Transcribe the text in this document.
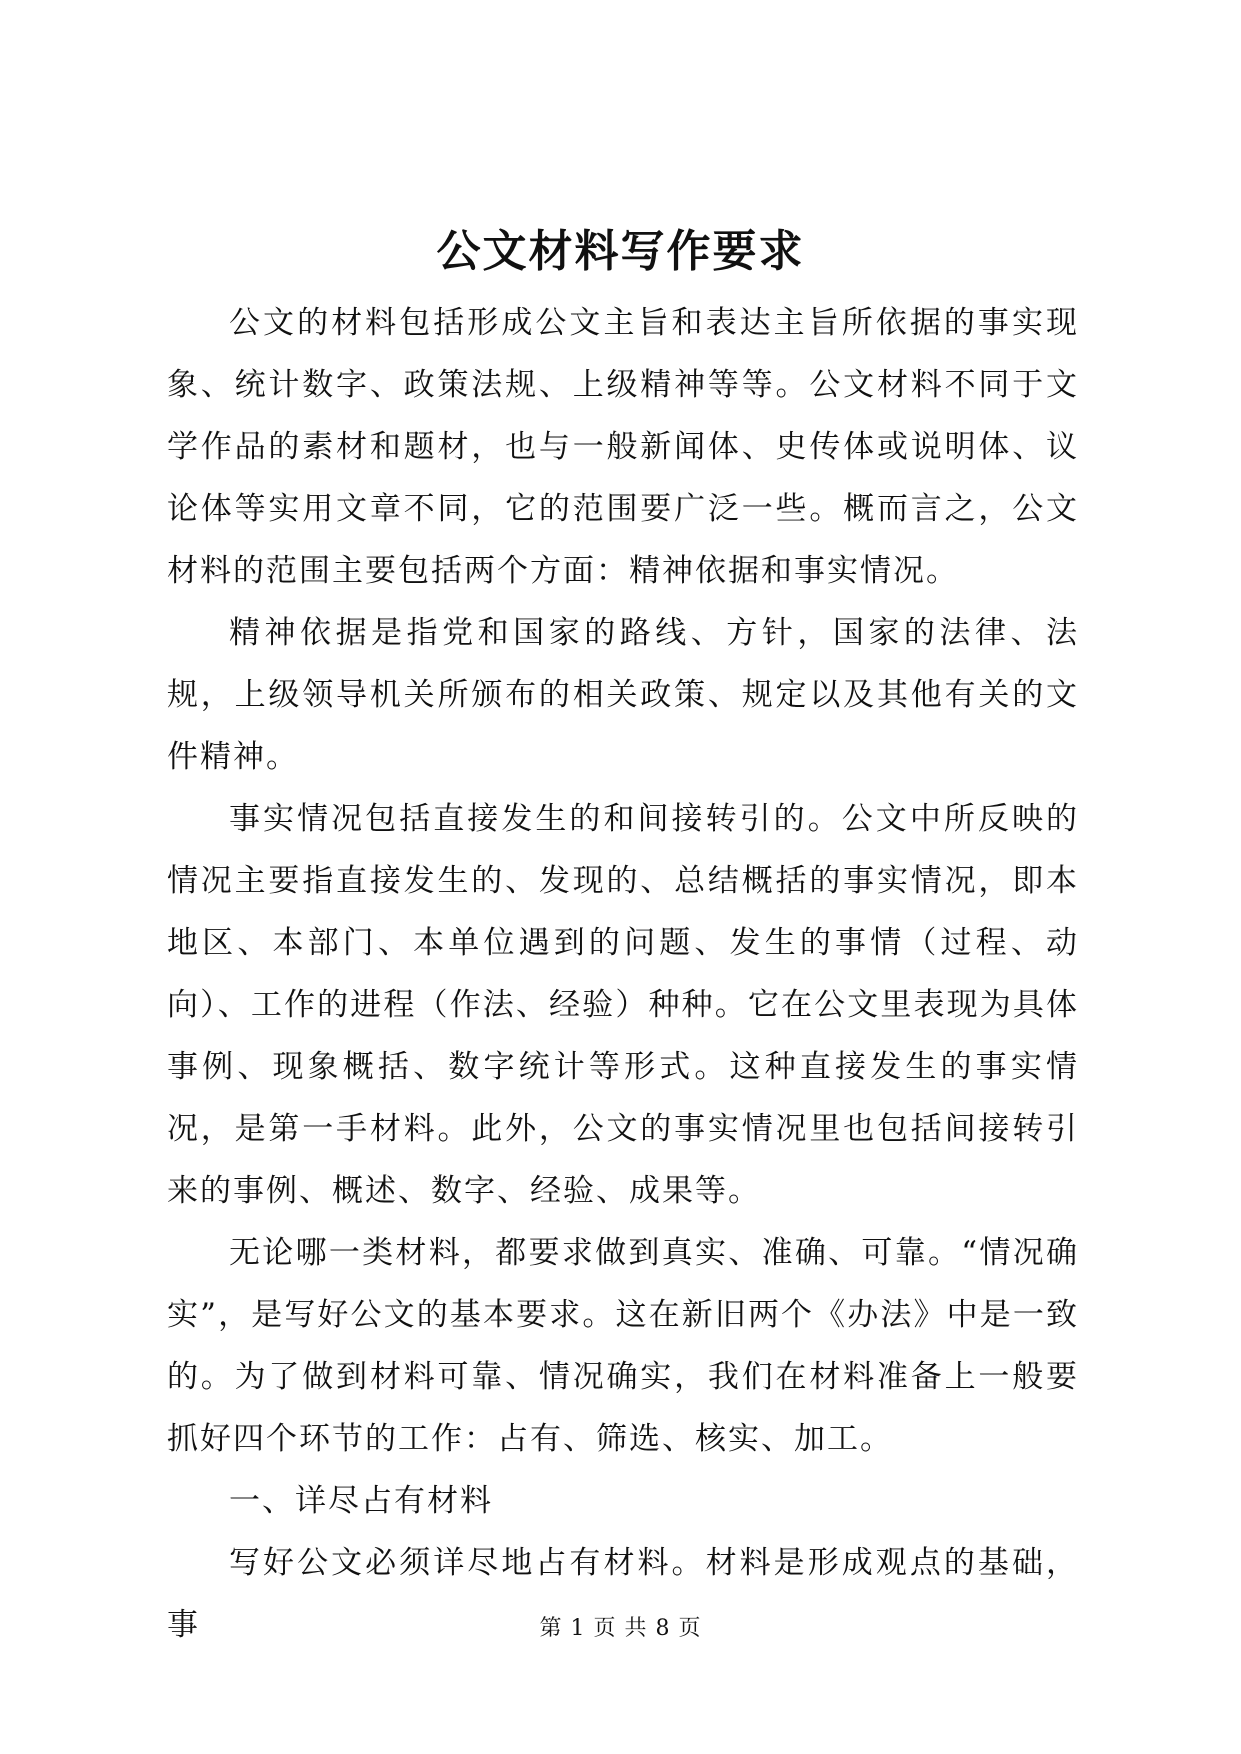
公文材料写作要求

公文的材料包括形成公文主旨和表达主旨所依据的事实现象、统计数字、政策法规、上级精神等等。公文材料不同于文学作品的素材和题材，也与一般新闻体、史传体或说明体、议论体等实用文章不同，它的范围要广泛一些。概而言之，公文材料的范围主要包括两个方面：精神依据和事实情况。

精神依据是指党和国家的路线、方针，国家的法律、法规，上级领导机关所颁布的相关政策、规定以及其他有关的文件精神。

事实情况包括直接发生的和间接转引的。公文中所反映的情况主要指直接发生的、发现的、总结概括的事实情况，即本地区、本部门、本单位遇到的问题、发生的事情（过程、动向）、工作的进程（作法、经验）种种。它在公文里表现为具体事例、现象概括、数字统计等形式。这种直接发生的事实情况，是第一手材料。此外，公文的事实情况里也包括间接转引来的事例、概述、数字、经验、成果等。

无论哪一类材料，都要求做到真实、准确、可靠。“情况确实”，是写好公文的基本要求。这在新旧两个《办法》中是一致的。为了做到材料可靠、情况确实，我们在材料准备上一般要抓好四个环节的工作：占有、筛选、核实、加工。

一、详尽占有材料

写好公文必须详尽地占有材料。材料是形成观点的基础，事	第 1 页 共 8 页
